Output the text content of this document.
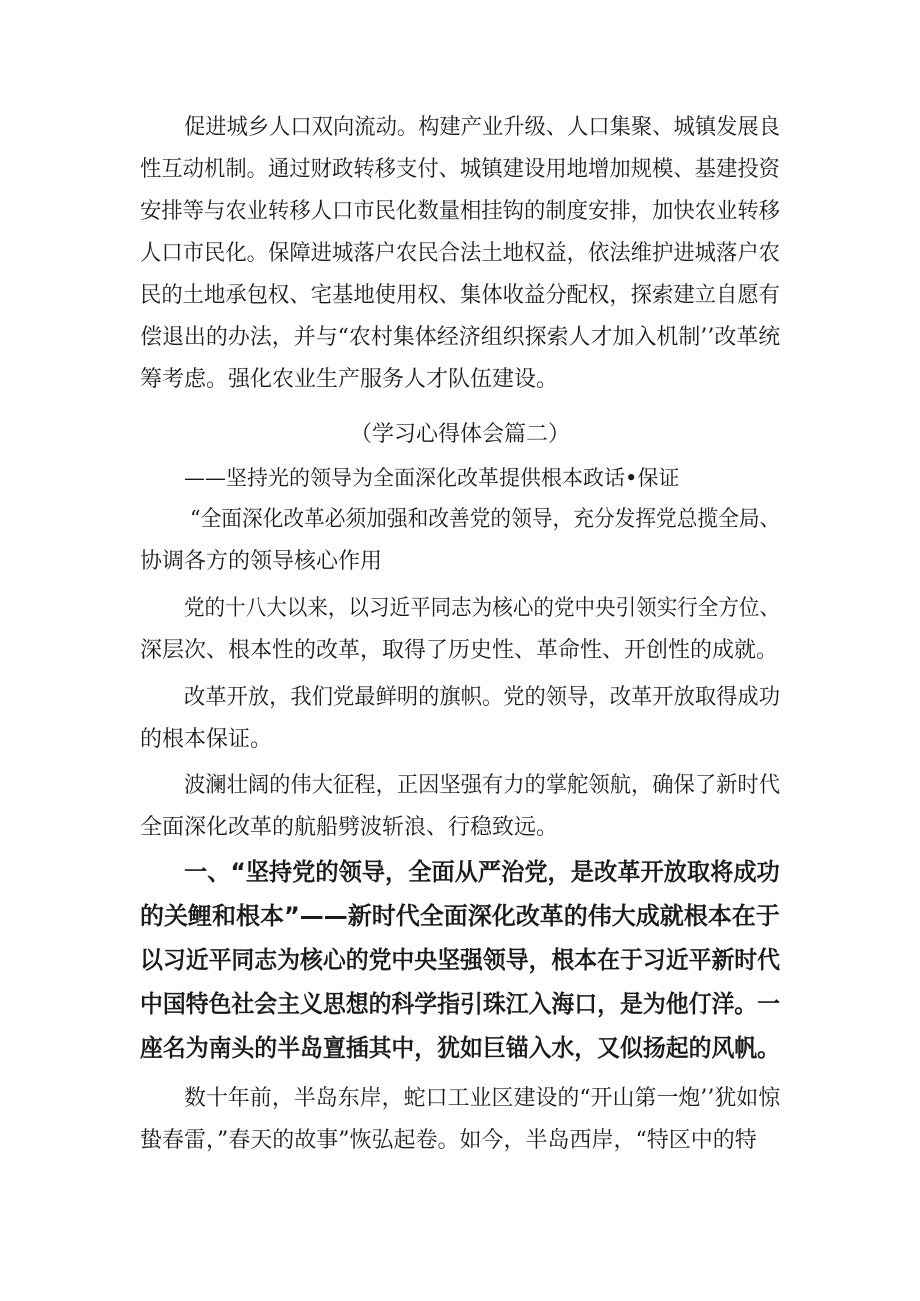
促进城乡人口双向流动。构建产业升级、人口集聚、城镇发展良
性互动机制。通过财政转移支付、城镇建设用地增加规模、基建投资
安排等与农业转移人口市民化数量相挂钩的制度安排，加快农业转移
人口市民化。保障进城落户农民合法土地权益，依法维护进城落户农
民的土地承包权、宅基地使用权、集体收益分配权，探索建立自愿有
偿退出的办法，并与“农村集体经济组织探索人才加入机制’’改革统
筹考虑。强化农业生产服务人才队伍建设。
（学习心得体会篇二）
——坚持光的领导为全面深化改革提供根本政话•保证
“全面深化改革必须加强和改善党的领导，充分发挥党总揽全局、
协调各方的领导核心作用
党的十八大以来，以习近平同志为核心的党中央引领实行全方位、
深层次、根本性的改革，取得了历史性、革命性、开创性的成就。
改革开放，我们党最鲜明的旗帜。党的领导，改革开放取得成功
的根本保证。
波澜壮阔的伟大征程，正因坚强有力的掌舵领航，确保了新时代
全面深化改革的航船劈波斩浪、行稳致远。
一、“坚持党的领导，全面从严治党，是改革开放取将成功
的关鲤和根本”——新时代全面深化改革的伟大成就根本在于
以习近平同志为核心的党中央坚强领导，根本在于习近平新时代
中国特色社会主义思想的科学指引珠江入海口，是为他仃洋。一
座名为南头的半岛亶插其中，犹如巨锚入水，又似扬起的风帆。
数十年前，半岛东岸，蛇口工业区建设的“开山第一炮’’犹如惊
蛰春雷，”春天的故事”恢弘起卷。如今，半岛西岸，“特区中的特
